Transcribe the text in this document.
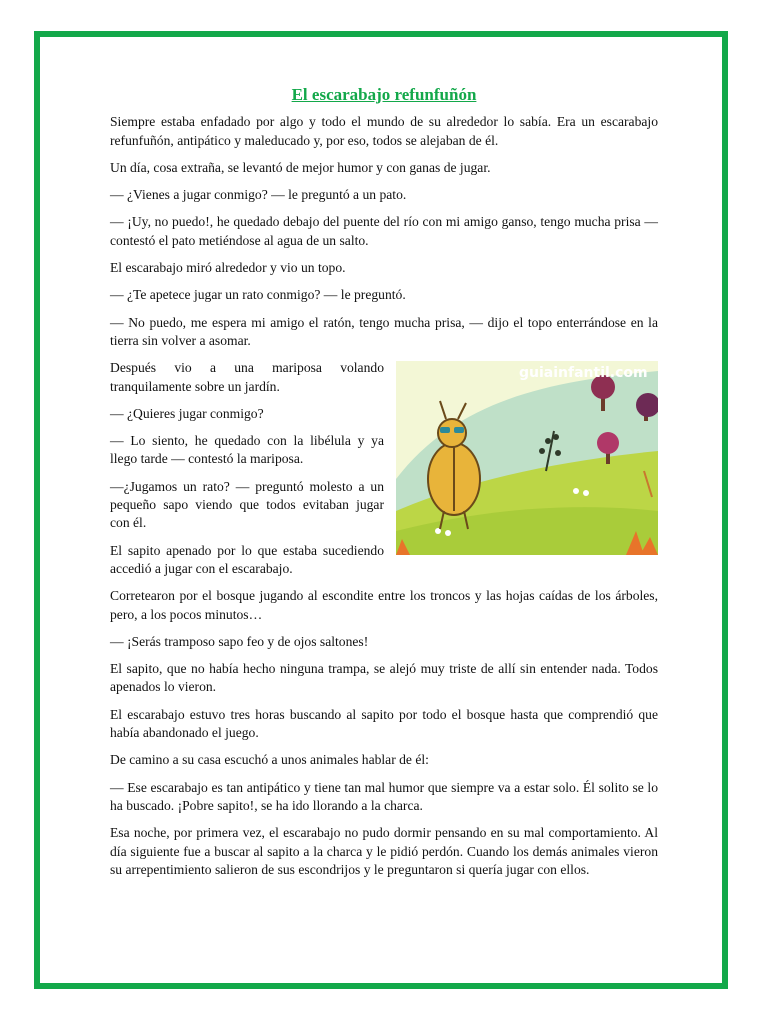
El escarabajo refunfuñón

Siempre estaba enfadado por algo y todo el mundo de su alrededor lo sabía. Era un escarabajo refunfuñón, antipático y maleducado y, por eso, todos se alejaban de él.

Un día, cosa extraña, se levantó de mejor humor y con ganas de jugar.

— ¿Vienes a jugar conmigo? — le preguntó a un pato.

— ¡Uy, no puedo!, he quedado debajo del puente del río con mi amigo ganso, tengo mucha prisa — contestó el pato metiéndose al agua de un salto.

El escarabajo miró alrededor y vio un topo.

— ¿Te apetece jugar un rato conmigo? — le preguntó.

— No puedo, me espera mi amigo el ratón, tengo mucha prisa, — dijo el topo enterrándose en la tierra sin volver a asomar.

guiainfantil.com

Después vio a una mariposa volando tranquilamente sobre un jardín.

— ¿Quieres jugar conmigo?

— Lo siento, he quedado con la libélula y ya llego tarde — contestó la mariposa.

—¿Jugamos un rato? — preguntó molesto a un pequeño sapo viendo que todos evitaban jugar con él.

El sapito apenado por lo que estaba sucediendo accedió a jugar con el escarabajo.

Corretearon por el bosque jugando al escondite entre los troncos y las hojas caídas de los árboles, pero, a los pocos minutos…

— ¡Serás tramposo sapo feo y de ojos saltones!

El sapito, que no había hecho ninguna trampa, se alejó muy triste de allí sin entender nada. Todos apenados lo vieron.

El escarabajo estuvo tres horas buscando al sapito por todo el bosque hasta que comprendió que había abandonado el juego.

De camino a su casa escuchó a unos animales hablar de él:

— Ese escarabajo es tan antipático y tiene tan mal humor que siempre va a estar solo. Él solito se lo ha buscado. ¡Pobre sapito!, se ha ido llorando a la charca.

Esa noche, por primera vez, el escarabajo no pudo dormir pensando en su mal comportamiento. Al día siguiente fue a buscar al sapito a la charca y le pidió perdón. Cuando los demás animales vieron su arrepentimiento salieron de sus escondrijos y le preguntaron si quería jugar con ellos.
